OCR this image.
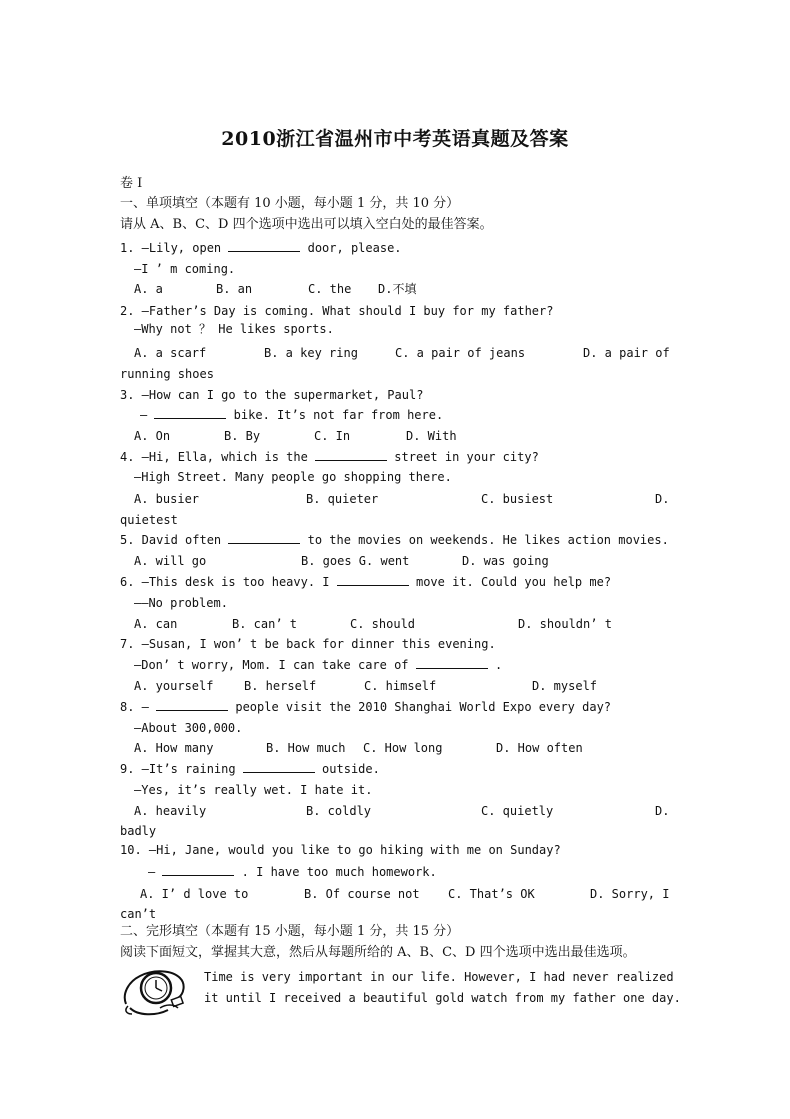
2010浙江省温州市中考英语真题及答案
卷 I
一、单项填空（本题有 10 小题，每小题 1 分，共 10 分）
请从 A、B、C、D 四个选项中选出可以填入空白处的最佳答案。
1. —Lily, open	door, please.
—I ’ m coming.
A. a	B. an	C. the D.不填
2. —Father’s Day is coming. What should I buy for my father?
—Why not ？ He likes sports.
A. a scarf	B. a key ring	C. a pair of jeans	D. a pair of
running shoes
3. —How can I go to the supermarket, Paul?
—	bike. It’s not far from here.
A. On	B. By	C. In	D. With
4. —Hi, Ella, which is the	street in your city?
—High Street. Many people go shopping there.
A. busier	B. quieter	C. busiest	D.
quietest
5. David often	to the movies on weekends. He likes action movies.
A. will go	B. goes G. went	D. was going
6. —This desk is too heavy. I	move it. Could you help me?
——No problem.
A. can	B. can’ t	C. should	D. shouldn’ t
7. —Susan, I won’ t be back for dinner this evening.
—Don’ t worry, Mom. I can take care of	.
A. yourself	B. herself	C. himself	D. myself
8. —	people visit the 2010 Shanghai World Expo every day?
—About 300,000.
A. How many	B. How much C. How long	D. How often
9. —It’s raining	outside.
—Yes, it’s really wet. I hate it.
A. heavily	B. coldly	C. quietly	D.
badly
10. —Hi, Jane, would you like to go hiking with me on Sunday?
—	. I have too much homework.
A. I’ d love to	B. Of course not C. That’s OK	D. Sorry, I
can’t
二、完形填空（本题有 15 小题，每小题 1 分，共 15 分）
阅读下面短文，掌握其大意，然后从每题所给的 A、B、C、D 四个选项中选出最佳选项。
Time is very important in our life. However, I had never realized
it until I received a beautiful gold watch from my father one day.
